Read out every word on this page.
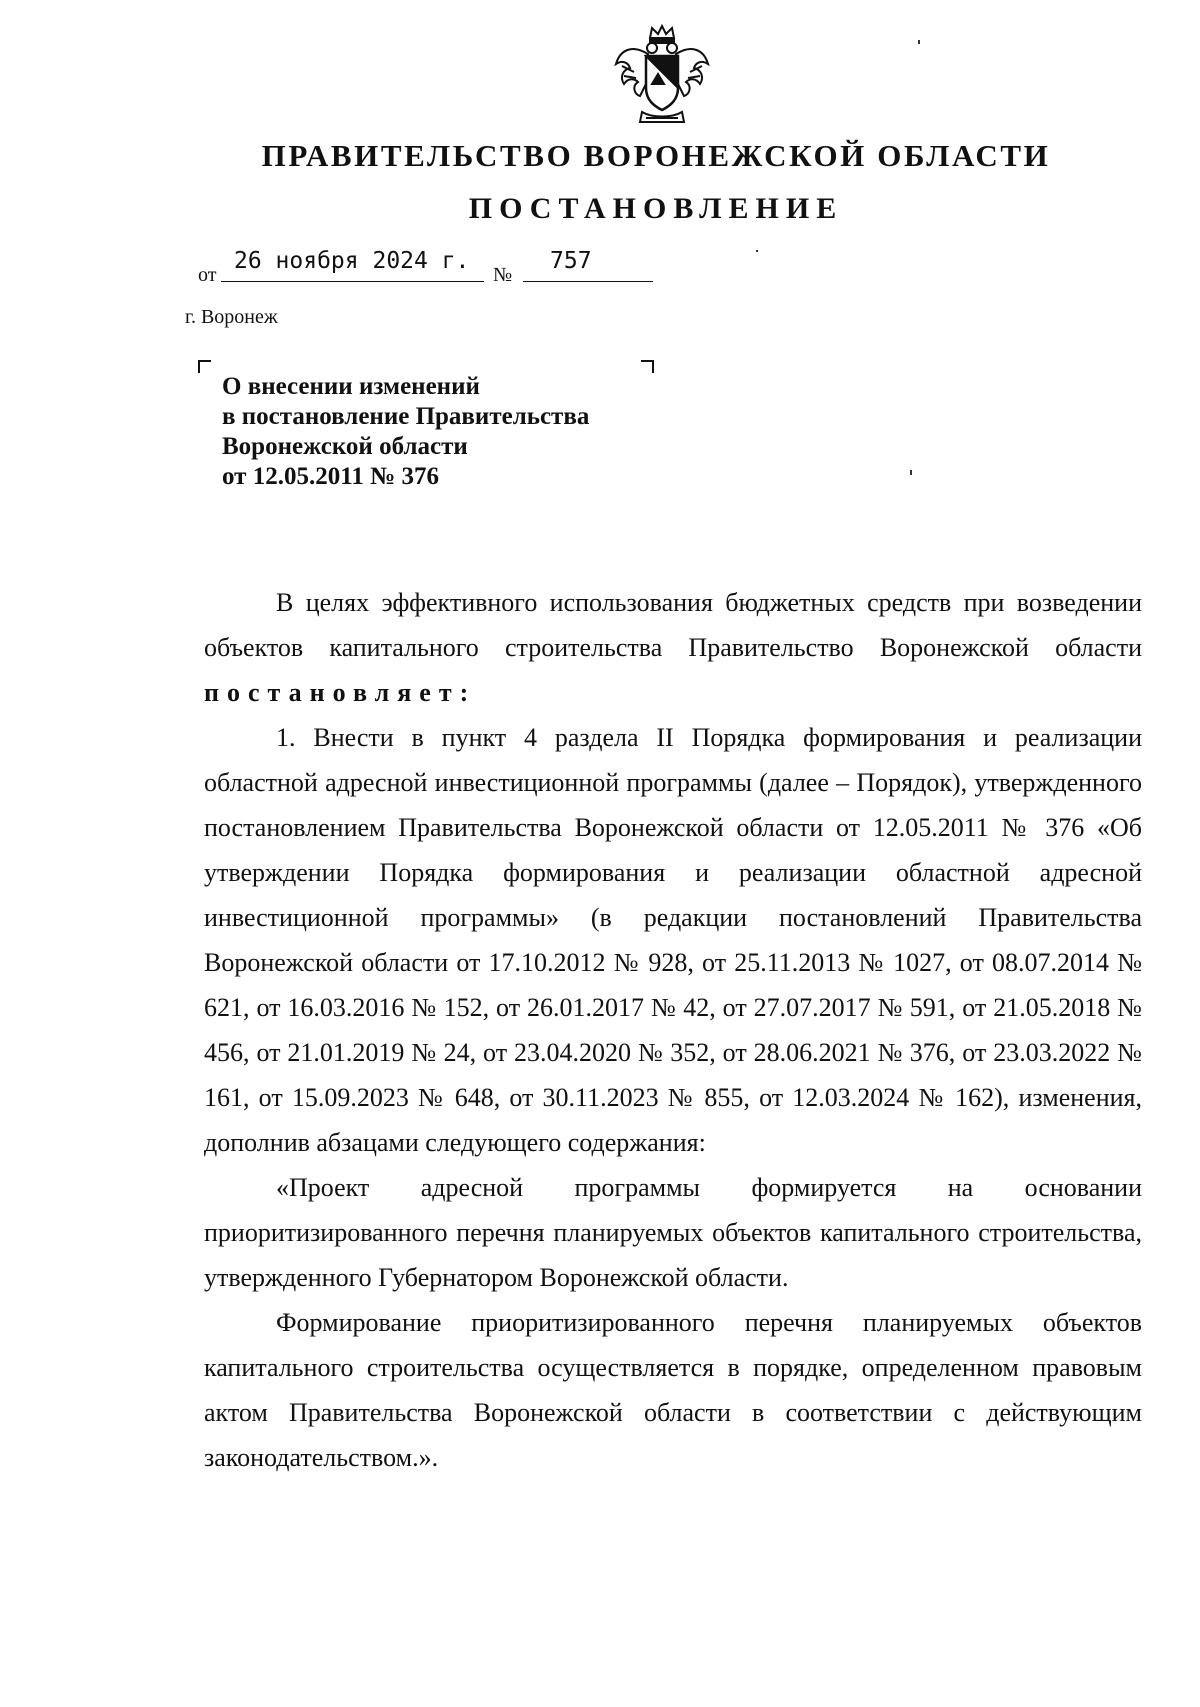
ПРАВИТЕЛЬСТВО ВОРОНЕЖСКОЙ ОБЛАСТИ
ПОСТАНОВЛЕНИЕ
от
26 ноября 2024 г.
№
757
г. Воронеж
О внесении изменений
в постановление Правительства
Воронежской области
от 12.05.2011 № 376

В целях эффективного использования бюджетных средств при возведении объектов капитального строительства Правительство Воронежской области постановляет:

1. Внести в пункт 4 раздела II Порядка формирования и реализации областной адресной инвестиционной программы (далее – Порядок), утвержденного постановлением Правительства Воронежской области от 12.05.2011 № 376 «Об утверждении Порядка формирования и реализации областной адресной инвестиционной программы» (в редакции постановлений Правительства Воронежской области от 17.10.2012 № 928, от 25.11.2013 № 1027, от 08.07.2014 № 621, от 16.03.2016 № 152, от 26.01.2017 № 42, от 27.07.2017 № 591, от 21.05.2018 № 456, от 21.01.2019 № 24, от 23.04.2020 № 352, от 28.06.2021 № 376, от 23.03.2022 № 161, от 15.09.2023 № 648, от 30.11.2023 № 855, от 12.03.2024 № 162), изменения, дополнив абзацами следующего содержания:

«Проект адресной программы формируется на основании приоритизированного перечня планируемых объектов капитального строительства, утвержденного Губернатором Воронежской области.

Формирование приоритизированного перечня планируемых объектов капитального строительства осуществляется в порядке, определенном правовым актом Правительства Воронежской области в соответствии с действующим законодательством.».
